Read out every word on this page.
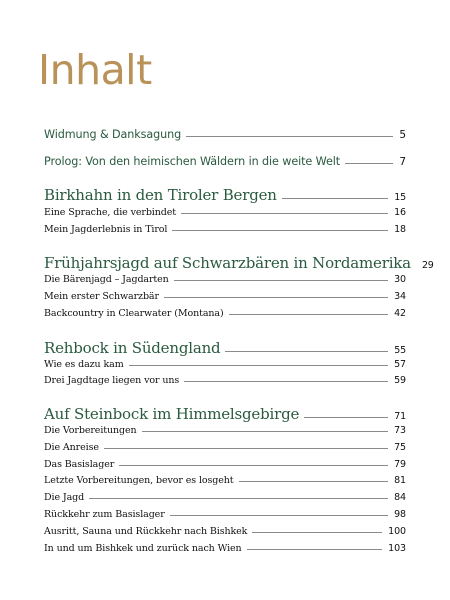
Inhalt
Widmung & Danksagung	5
Prolog: Von den heimischen Wäldern in die weite Welt	7
Birkhahn in den Tiroler Bergen	15
Eine Sprache, die verbindet	16
Mein Jagderlebnis in Tirol	18
Frühjahrsjagd auf Schwarzbären in Nordamerika 29
Die Bärenjagd – Jagdarten	30
Mein erster Schwarzbär	34
Backcountry in Clearwater (Montana)	42
Rehbock in Südengland	55
Wie es dazu kam	57
Drei Jagdtage liegen vor uns	59
Auf Steinbock im Himmelsgebirge	71
Die Vorbereitungen	73
Die Anreise	75
Das Basislager	79
Letzte Vorbereitungen, bevor es losgeht	81
Die Jagd	84
Rückkehr zum Basislager	98
Ausritt, Sauna und Rückkehr nach Bishkek	100
In und um Bishkek und zurück nach Wien	103
